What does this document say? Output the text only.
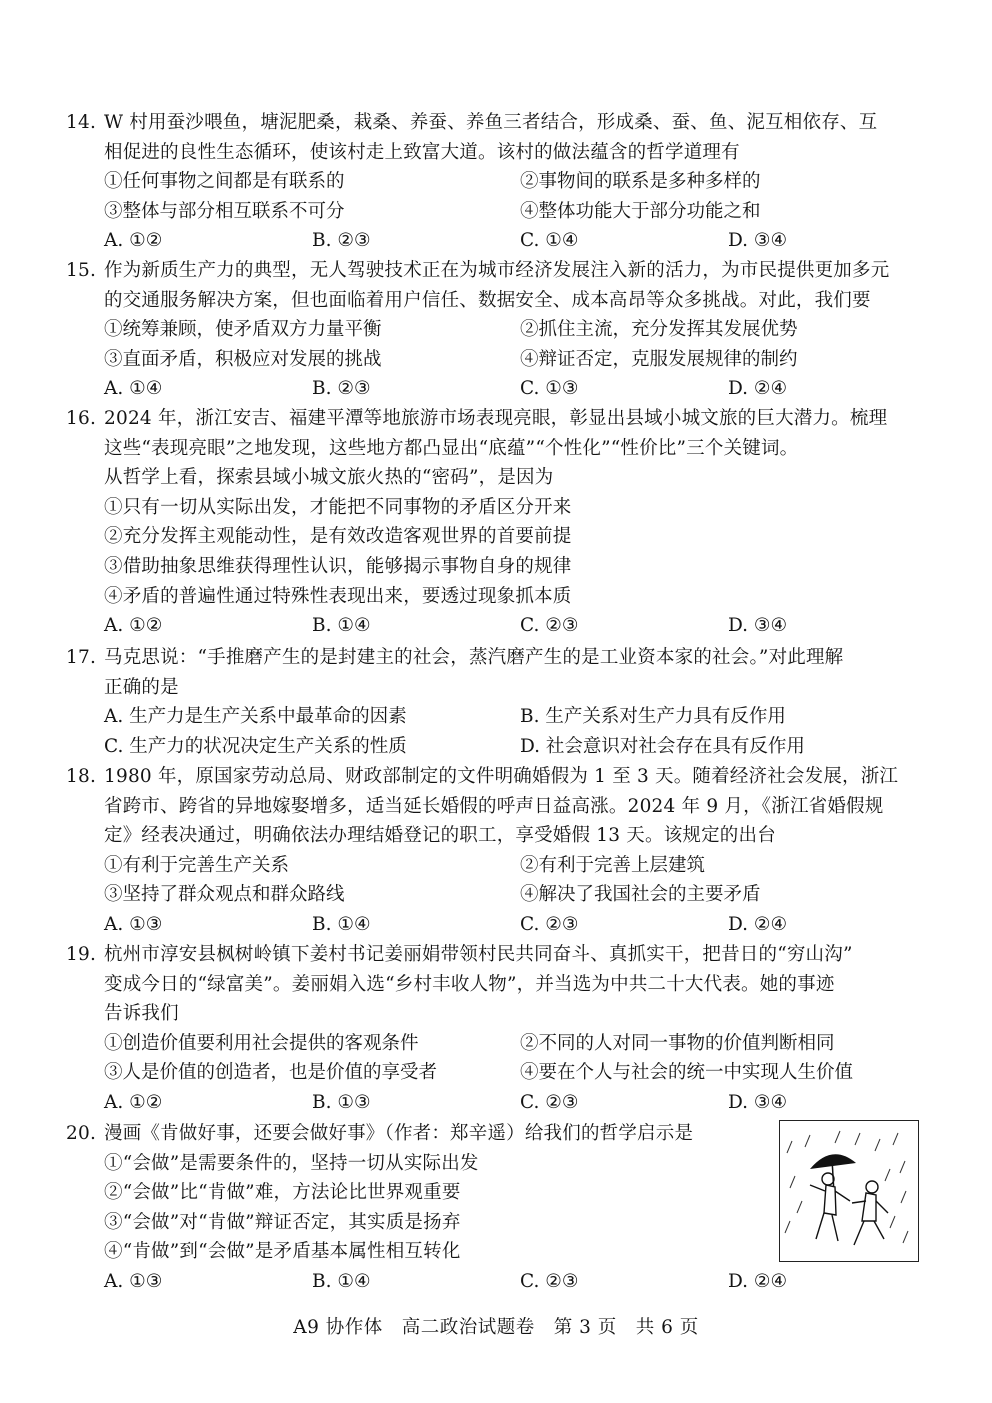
14. W 村用蚕沙喂鱼，塘泥肥桑，栽桑、养蚕、养鱼三者结合，形成桑、蚕、鱼、泥互相依存、互
相促进的良性生态循环，使该村走上致富大道。该村的做法蕴含的哲学道理有
①任何事物之间都是有联系的	②事物间的联系是多种多样的
③整体与部分相互联系不可分	④整体功能大于部分功能之和
A. ①②	B. ②③	C. ①④	D. ③④
15. 作为新质生产力的典型，无人驾驶技术正在为城市经济发展注入新的活力，为市民提供更加多元
的交通服务解决方案，但也面临着用户信任、数据安全、成本高昂等众多挑战。对此，我们要
①统筹兼顾，使矛盾双方力量平衡	②抓住主流，充分发挥其发展优势
③直面矛盾，积极应对发展的挑战	④辩证否定，克服发展规律的制约
A. ①④	B. ②③	C. ①③	D. ②④
16. 2024 年，浙江安吉、福建平潭等地旅游市场表现亮眼，彰显出县域小城文旅的巨大潜力。梳理
这些“表现亮眼”之地发现，这些地方都凸显出“底蕴”“个性化”“性价比”三个关键词。
从哲学上看，探索县域小城文旅火热的“密码”，是因为
①只有一切从实际出发，才能把不同事物的矛盾区分开来
②充分发挥主观能动性，是有效改造客观世界的首要前提
③借助抽象思维获得理性认识，能够揭示事物自身的规律
④矛盾的普遍性通过特殊性表现出来，要透过现象抓本质
A. ①②	B. ①④	C. ②③	D. ③④
17. 马克思说：“手推磨产生的是封建主的社会，蒸汽磨产生的是工业资本家的社会。”对此理解
正确的是
A. 生产力是生产关系中最革命的因素	B. 生产关系对生产力具有反作用
C. 生产力的状况决定生产关系的性质	D. 社会意识对社会存在具有反作用
18. 1980 年，原国家劳动总局、财政部制定的文件明确婚假为 1 至 3 天。随着经济社会发展，浙江
省跨市、跨省的异地嫁娶增多，适当延长婚假的呼声日益高涨。2024 年 9 月，《浙江省婚假规
定》经表决通过，明确依法办理结婚登记的职工，享受婚假 13 天。该规定的出台
①有利于完善生产关系	②有利于完善上层建筑
③坚持了群众观点和群众路线	④解决了我国社会的主要矛盾
A. ①③	B. ①④	C. ②③	D. ②④
19. 杭州市淳安县枫树岭镇下姜村书记姜丽娟带领村民共同奋斗、真抓实干，把昔日的“穷山沟”
变成今日的“绿富美”。姜丽娟入选“乡村丰收人物”，并当选为中共二十大代表。她的事迹
告诉我们
①创造价值要利用社会提供的客观条件	②不同的人对同一事物的价值判断相同
③人是价值的创造者，也是价值的享受者	④要在个人与社会的统一中实现人生价值
A. ①②	B. ①③	C. ②③	D. ③④
20. 漫画《肯做好事，还要会做好事》（作者：郑辛遥）给我们的哲学启示是
①“会做”是需要条件的，坚持一切从实际出发
②“会做”比“肯做”难，方法论比世界观重要
③“会做”对“肯做”辩证否定，其实质是扬弃
④“肯做”到“会做”是矛盾基本属性相互转化
A. ①③	B. ①④	C. ②③	D. ②④
A9 协作体　高二政治试题卷　第 3 页　共 6 页
